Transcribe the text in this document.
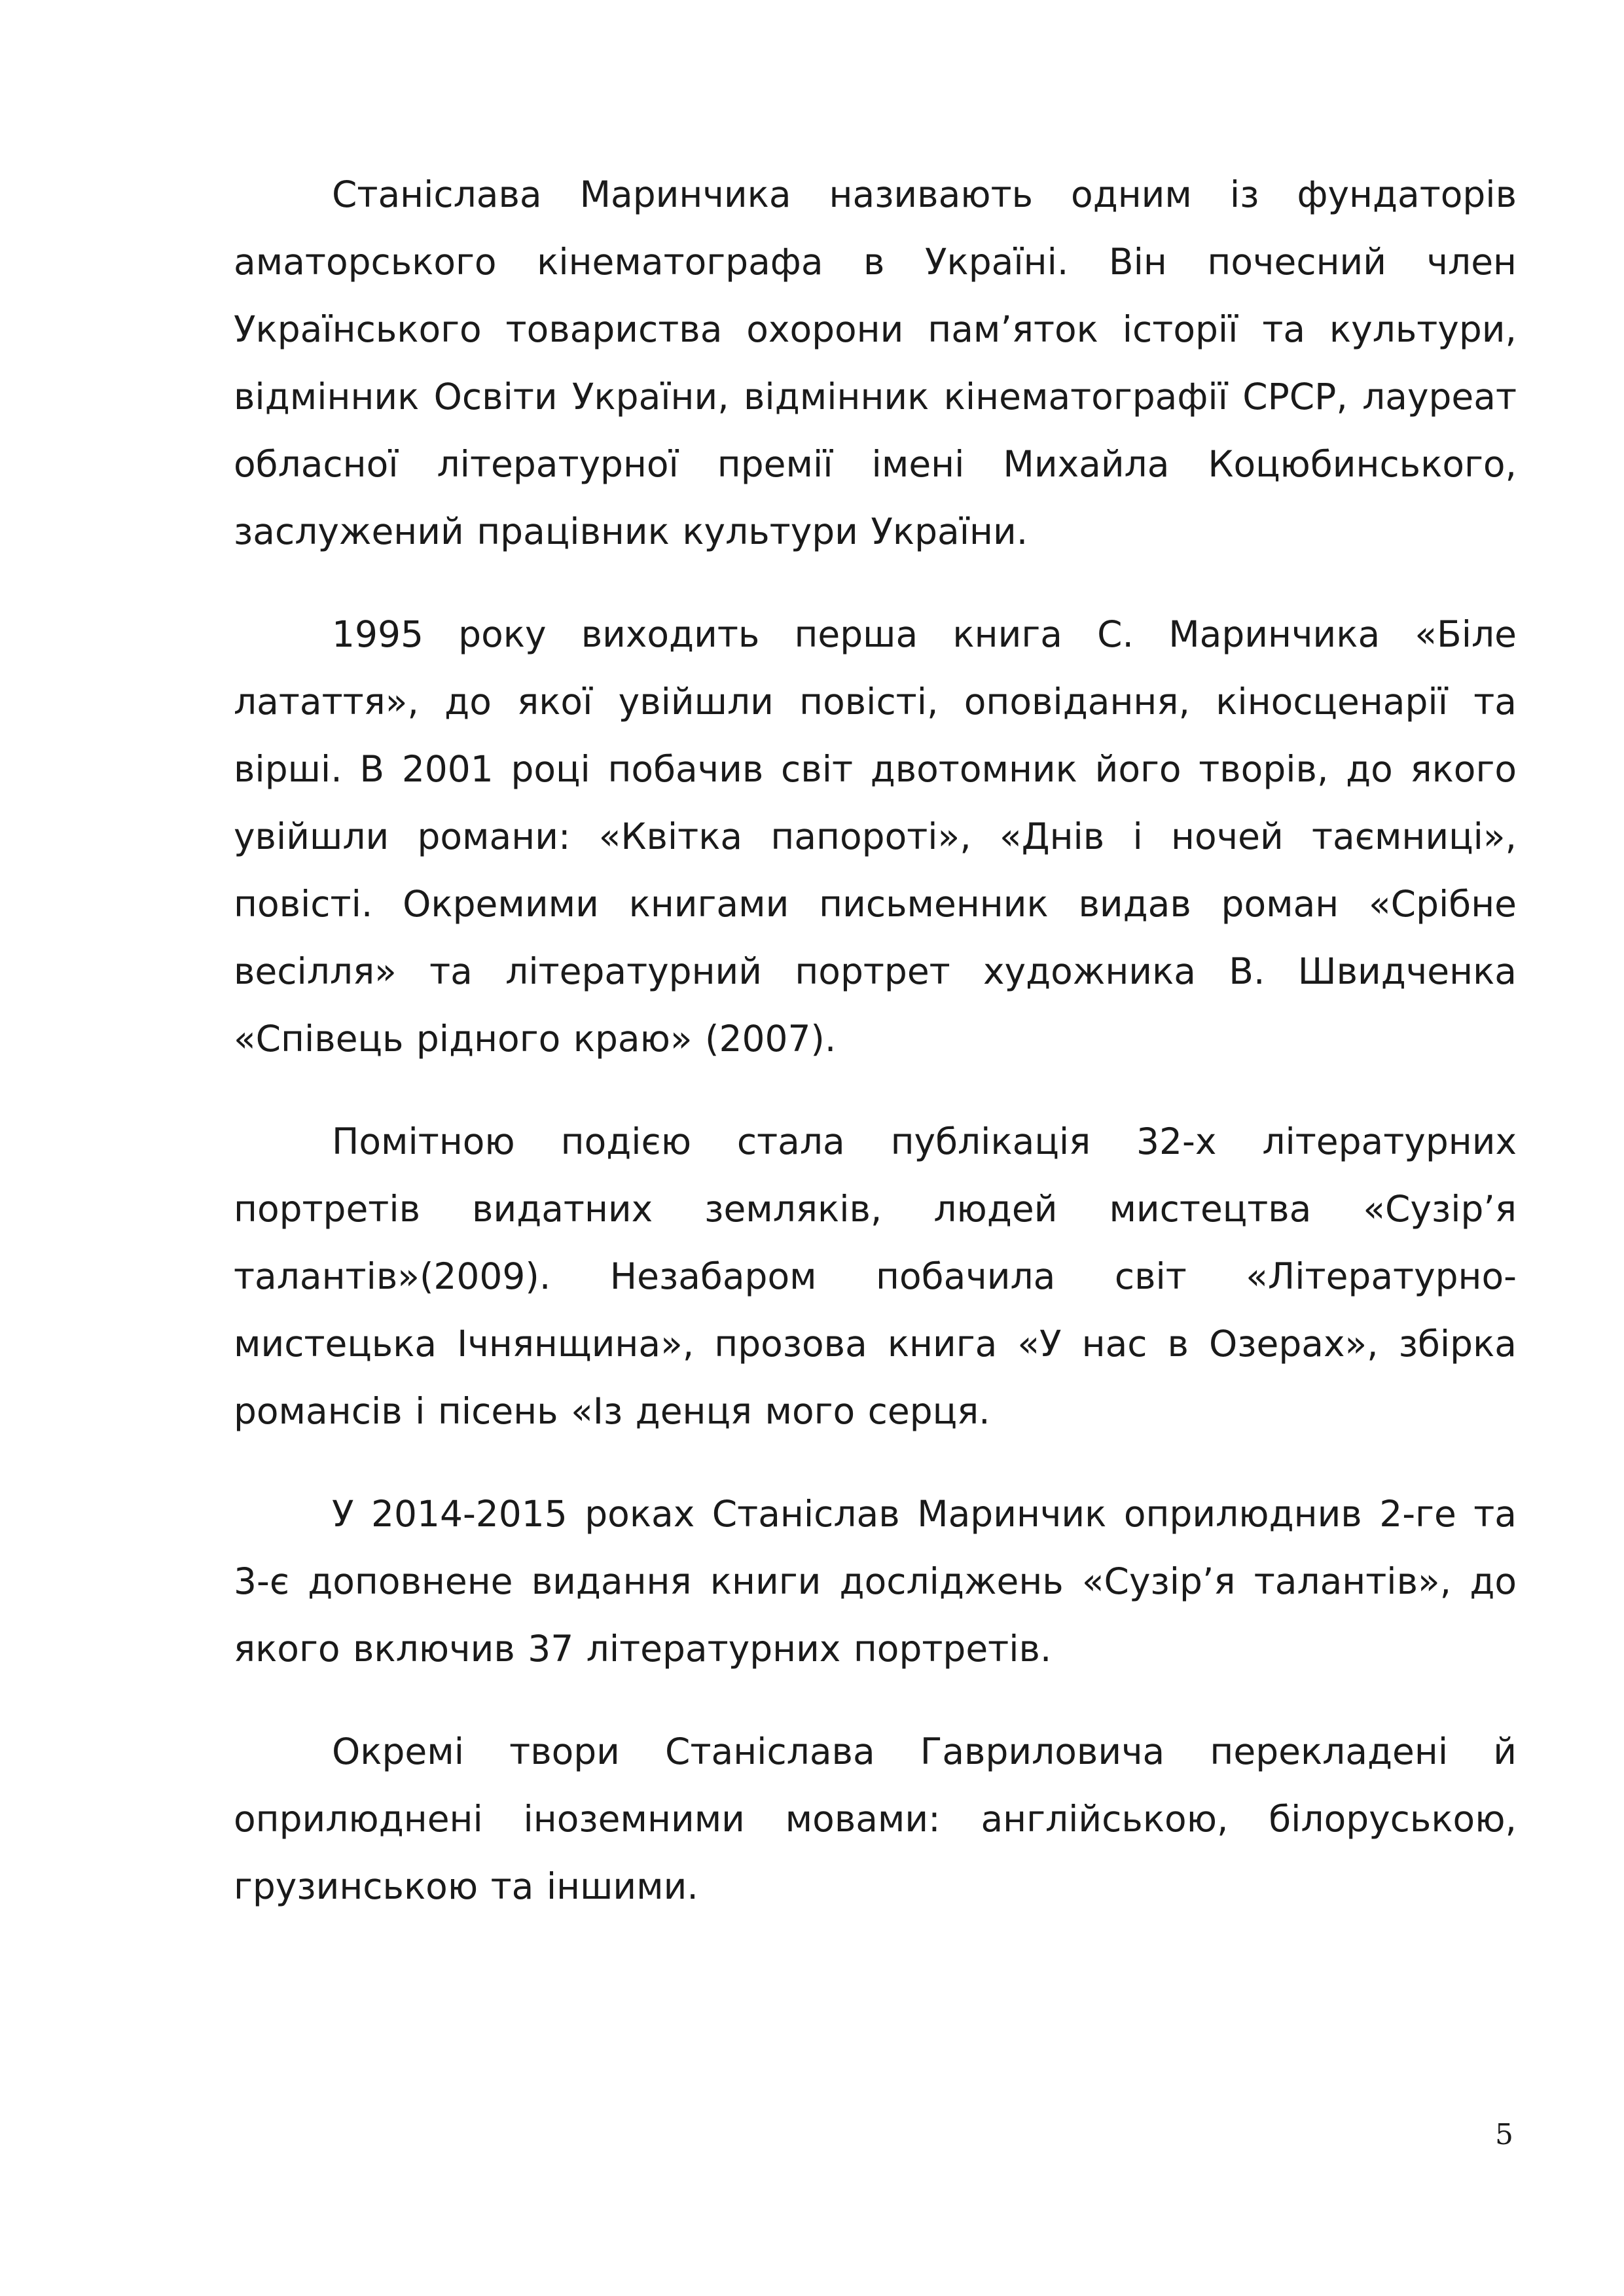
Станіслава Маринчика називають одним із фундаторів аматорського кінематографа в Україні. Він почесний член Українського товариства охорони пам’яток історії та культури, відмінник Освіти України, відмінник кінематографії СРСР, лауреат обласної літературної премії імені Михайла Коцюбинського, заслужений працівник культури України.

1995 року виходить перша книга С. Маринчика «Біле латаття», до якої увійшли повісті, оповідання, кіносценарії та вірші. В 2001 році побачив світ двотомник його творів, до якого увійшли романи: «Квітка папороті», «Днів і ночей таємниці», повісті. Окремими книгами письменник видав роман «Срібне весілля» та літературний портрет художника В. Швидченка «Співець рідного краю» (2007).

Помітною подією стала публікація 32-х літературних портретів видатних земляків, людей мистецтва «Сузір’я талантів»(2009). Незабаром побачила світ «Літературно-мистецька Ічнянщина», прозова книга «У нас в Озерах», збірка романсів і пісень «Із денця мого серця.

У 2014-2015 роках Станіслав Маринчик оприлюднив 2-ге та 3-є доповнене видання книги досліджень «Сузір’я талантів», до якого включив 37 літературних портретів.

Окремі твори Станіслава Гавриловича перекладені й оприлюднені іноземними мовами: англійською, білоруською, грузинською та іншими.

5
